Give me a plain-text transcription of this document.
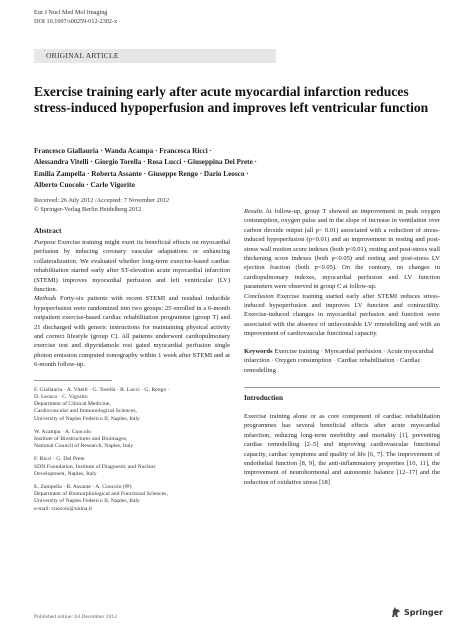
Eur J Nucl Med Mol Imaging
DOI 10.1007/s00259-012-2302-x
ORIGINAL ARTICLE
Exercise training early after acute myocardial infarction reduces stress-induced hypoperfusion and improves left ventricular function
Francesco Giallauria · Wanda Acampa · Francesca Ricci ·
Alessandra Vitelli · Giorgio Torella · Rosa Lucci · Giuseppina Del Prete ·
Emilia Zampella · Roberta Assante · Giuseppe Rengo · Dario Leosco ·
Alberto Cuocolo · Carlo Vigorito
Received: 26 July 2012 /Accepted: 7 November 2012
© Springer-Verlag Berlin Heidelberg 2012
Abstract

Purpose Exercise training might exert its beneficial effects on myocardial perfusion by inducing coronary vascular adaptations or enhancing collateralization. We evaluated whether long-term exercise-based cardiac rehabilitation started early after ST-elevation acute myocardial infarction (STEMI) improves myocardial perfusion and left ventricular (LV) function.

Methods Forty-six patients with recent STEMI and residual inducible hypoperfusion were randomized into two groups: 25 enrolled in a 6-month outpatient exercise-based cardiac rehabilitation programme (group T) and 21 discharged with generic instructions for maintaining physical activity and correct lifestyle (group C). All patients underwent cardiopulmonary exercise test and dipyridamole rest gated myocardial perfusion single photon emission computed tomography within 1 week after STEMI and at 6-month follow-up.

F. Giallauria · A. Vitelli · G. Torella · R. Lucci · G. Rengo ·
D. Leosco · C. Vigorito
Department of Clinical Medicine,
Cardiovascular and Immunological Sciences,
University of Naples Federico II, Naples, Italy
W. Acampa · A. Cuocolo
Institute of Biostructures and Bioimages,
National Council of Research, Naples, Italy
F. Ricci · G. Del Prete
SDN Foundation, Institute of Diagnostic and Nuclear
Development, Naples, Italy
E. Zampella · R. Assante · A. Cuocolo (✉)
Department of Biomorphological and Functional Sciences,
University of Naples Federico II, Naples, Italy
e-mail: cuocolo@unina.it

Results At follow-up, group T showed an improvement in peak oxygen consumption, oxygen pulse and in the slope of increase in ventilation over carbon dioxide output (all p< 0.01) associated with a reduction of stress-induced hypoperfusion (p<0.01) and an improvement in resting and post-stress wall motion score indexes (both p<0.01), resting and post-stress wall thickening score indexes (both p<0.05) and resting and post-stress LV ejection fraction (both p<0.05). On the contrary, no changes in cardiopulmonary indexes, myocardial perfusion and LV function parameters were observed in group C at follow-up.

Conclusion Exercise training started early after STEMI reduces stress-induced hypoperfusion and improves LV function and contractility. Exercise-induced changes in myocardial perfusion and function were associated with the absence of unfavourable LV remodelling and with an improvement of cardiovascular functional capacity.

Keywords Exercise training · Myocardial perfusion · Acute myocardial infarction · Oxygen consumption · Cardiac rehabilitation · Cardiac remodelling

Introduction

Exercise training alone or as core component of cardiac rehabilitation programmes has several beneficial effects after acute myocardial infarction, reducing long-term morbidity and mortality [1], preventing cardiac remodelling [2–5] and improving cardiovascular functional capacity, cardiac symptoms and quality of life [6, 7]. The improvement of endothelial function [8, 9], the anti-inflammatory properties [10, 11], the improvement of neurohormonal and autonomic balance [12–17] and the reduction of oxidative stress [18]

Published online: 04 December 2012
Springer
